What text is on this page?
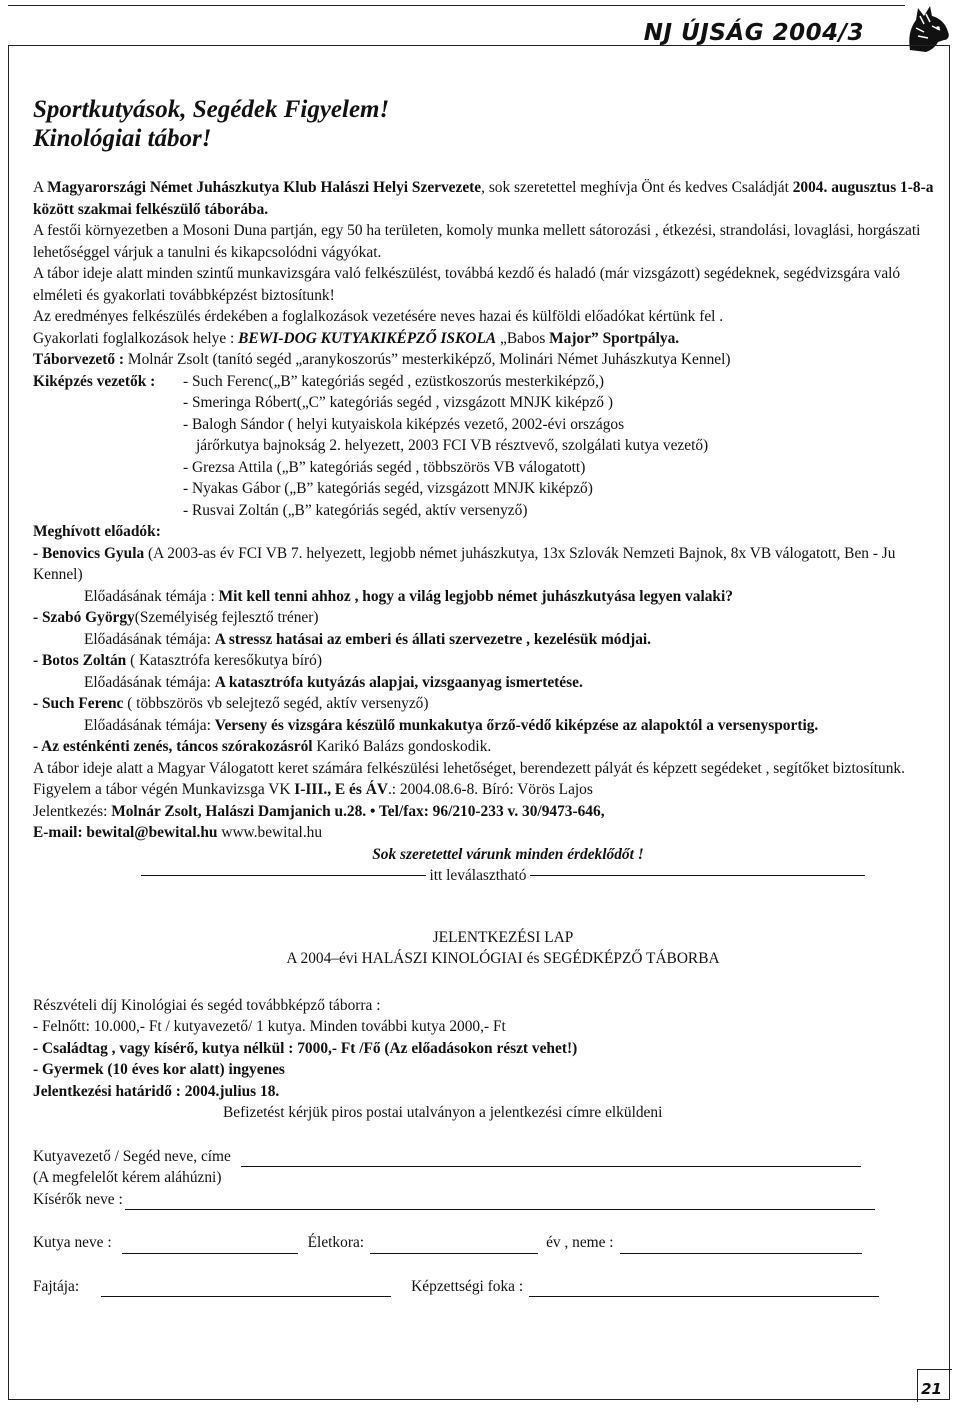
NJ ÚJSÁG 2004/3
Sportkutyások, Segédek Figyelem!
Kinológiai tábor!

A Magyarországi Német Juhászkutya Klub Halászi Helyi Szervezete, sok szeretettel meghívja Önt és kedves Családját 2004. augusztus 1-8-a között szakmai felkészülő táborába.

A festői környezetben a Mosoni Duna partján, egy 50 ha területen, komoly munka mellett sátorozási , étkezési, strandolási, lovaglási, horgászati lehetőséggel várjuk a tanulni és kikapcsolódni vágyókat.

A tábor ideje alatt minden szintű munkavizsgára való felkészülést, továbbá kezdő és haladó (már vizsgázott) segédeknek, segédvizsgára való elméleti és gyakorlati továbbképzést biztosítunk!

Az eredményes felkészülés érdekében a foglalkozások vezetésére neves hazai és külföldi előadókat kértünk fel .

Gyakorlati foglalkozások helye : BEWI-DOG KUTYAKIKÉPZŐ ISKOLA „Babos Major” Sportpálya.

Táborvezető : Molnár Zsolt (tanító segéd „aranykoszorús” mesterkiképző, Molinári Német Juhászkutya Kennel)

Kiképzés vezetők :	- Such Ferenc(„B” kategóriás segéd , ezüstkoszorús mesterkiképző,)

- Smeringa Róbert(„C” kategóriás segéd , vizsgázott MNJK kiképző )

- Balogh Sándor ( helyi kutyaiskola kiképzés vezető, 2002-évi országos

járőrkutya bajnokság 2. helyezett, 2003 FCI VB résztvevő, szolgálati kutya vezető)

- Grezsa Attila („B” kategóriás segéd , többszörös VB válogatott)

- Nyakas Gábor („B” kategóriás segéd, vizsgázott MNJK kiképző)

- Rusvai Zoltán („B” kategóriás segéd, aktív versenyző)

Meghívott előadók:

- Benovics Gyula (A 2003-as év FCI VB 7. helyezett, legjobb német juhászkutya, 13x Szlovák Nemzeti Bajnok, 8x VB válogatott, Ben - Ju Kennel)

Előadásának témája : Mit kell tenni ahhoz , hogy a világ legjobb német juhászkutyása legyen valaki?

- Szabó György(Személyiség fejlesztő tréner)

Előadásának témája: A stressz hatásai az emberi és állati szervezetre , kezelésük módjai.

- Botos Zoltán ( Katasztrófa keresőkutya bíró)

Előadásának témája: A katasztrófa kutyázás alapjai, vizsgaanyag ismertetése.

- Such Ferenc ( többszörös vb selejtező segéd, aktív versenyző)

Előadásának témája: Verseny és vizsgára készülő munkakutya őrző-védő kiképzése az alapoktól a versenysportig.

- Az esténkénti zenés, táncos szórakozásról Karikó Balázs gondoskodik.

A tábor ideje alatt a Magyar Válogatott keret számára felkészülési lehetőséget, berendezett pályát és képzett segédeket , segítőket biztosítunk.

Figyelem a tábor végén Munkavizsga VK I-III., E és ÁV.: 2004.08.6-8. Bíró: Vörös Lajos

Jelentkezés: Molnár Zsolt, Halászi Damjanich u.28. • Tel/fax: 96/210-233 v. 30/9473-646,

E-mail: bewital@bewital.hu www.bewital.hu

Sok szeretettel várunk minden érdeklődőt !

itt leválasztható

JELENTKEZÉSI LAP

A 2004–évi HALÁSZI KINOLÓGIAI és SEGÉDKÉPZŐ TÁBORBA

Részvételi díj Kinológiai és segéd továbbképző táborra :

- Felnőtt: 10.000,- Ft / kutyavezető/ 1 kutya. Minden további kutya 2000,- Ft

- Családtag , vagy kísérő, kutya nélkül : 7000,- Ft /Fő (Az előadásokon részt vehet!)

- Gyermek (10 éves kor alatt) ingyenes

Jelentkezési határidő : 2004.julius 18.

Befizetést kérjük piros postai utalványon a jelentkezési címre elküldeni

Kutyavezető / Segéd neve, címe

(A megfelelőt kérem aláhúzni)

Kísérők neve :
Kutya neve :	Életkora:	év , neme :
Fajtája:	Képzettségi foka :
21
